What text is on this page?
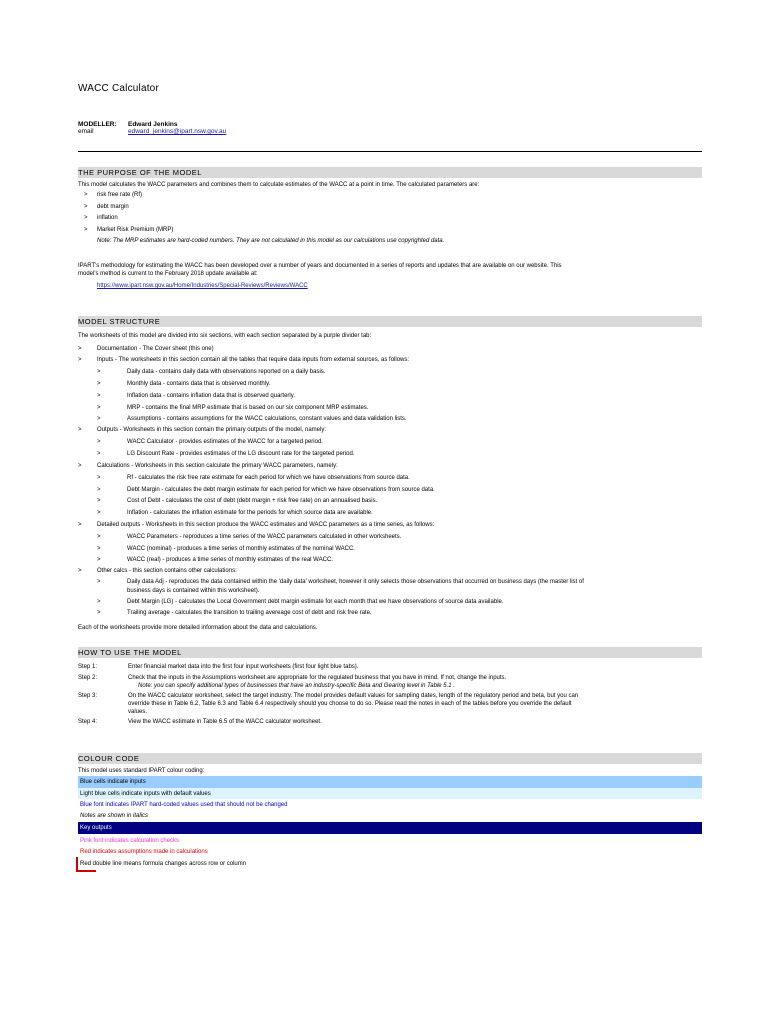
WACC Calculator
MODELLER: Edward Jenkins
email	edward_jenkins@ipart.nsw.gov.au
THE PURPOSE OF THE MODEL
This model calculates the WACC parameters and combines them to calculate estimates of the WACC at a point in time. The calculated parameters are:
> risk free rate (Rf)
> debt margin
> inflation
> Market Risk Premium (MRP)
Note: The MRP estimates are hard-coded numbers. They are not calculated in this model as our calculations use copyrighted data.
IPART's methodology for estimating the WACC has been developed over a number of years and documented in a series of reports and updates that are available on our website. This
model's method is current to the February 2018 update available at:
https://www.ipart.nsw.gov.au/Home/Industries/Special-Reviews/Reviews/WACC
MODEL STRUCTURE
The worksheets of this model are divided into six sections, with each section separated by a purple divider tab:
>	Documentation - The Cover sheet (this one)
>	Inputs - The worksheets in this section contain all the tables that require data inputs from external sources, as follows:
>	Daily data - contains daily data with observations reported on a daily basis.
>	Monthly data - contains data that is observed monthly.
>	Inflation data - contains inflation data that is observed quarterly.
>	MRP - contains the final MRP estimate that is based on our six component MRP estimates.
>	Assumptions - contains assumptions for the WACC calculations, constant values and data validation lists.
>	Outputs - Worksheets in this section contain the primary outputs of the model, namely:
>	WACC Calculator - provides estimates of the WACC for a targeted period.
>	LG Discount Rate - provides estimates of the LG discount rate for the targeted period.
>	Calculations - Worksheets in this section calculate the primary WACC parameters, namely:
>	Rf - calculates the risk free rate estimate for each period for which we have observations from source data.
>	Debt Margin - calculates the debt margin estimate for each period for which we have observations from source data.
>	Cost of Debt - calculates the cost of debt (debt margin + risk free rate) on an annualised basis.
>	Inflation - calculates the inflation estimate for the periods for which source data are available.
>	Detailed outputs - Worksheets in this section produce the WACC estimates and WACC parameters as a time series, as follows:
>	WACC Parameters - reproduces a time series of the WACC parameters calculated in other worksheets.
>	WACC (nominal) - produces a time series of monthly estimates of the nominal WACC.
>	WACC (real) - produces a time series of monthly estimates of the real WACC.
>	Other calcs - this section contains other calculations:
>	Daily data Adj - reproduces the data contained within the 'daily data' worksheet, however it only selects those observations that occurred on business days (the master list of
business days is contained within this worksheet).
>	Debt Margin (LG) - calculates the Local Government debt margin estimate for each month that we have observations of source data available.
>	Trailing average - calculates the transition to trailing avereage cost of debt and risk free rate.
Each of the worksheets provide more detailed information about the data and calculations.
HOW TO USE THE MODEL
Step 1:	Enter financial market data into the first four input worksheets (first four light blue tabs).
Step 2:	Check that the inputs in the Assumptions worksheet are appropriate for the regulated business that you have in mind. If not, change the inputs.
Note: you can specify additional types of businesses that have an industry-specific Beta and Gearing level in Table 5.1 .
Step 3:	On the WACC calculator worksheet, select the target industry. The model provides default values for sampling dates, length of the regulatory period and beta, but you can
override these in Table 6.2, Table 6.3 and Table 6.4 respectively should you choose to do so. Please read the notes in each of the tables before you override the default
values.
Step 4:	View the WACC estimate in Table 6.5 of the WACC calculator worksheet.
COLOUR CODE
This model uses standard IPART colour coding:
Blue cells indicate inputs
Light blue cells indicate inputs with default values
Blue font indicates IPART hard-coded values used that should not be changed
Notes are shown in italics
Key outputs
Pink font indicates calculation checks
Red indicates assumptions made in calculations
Red double line means formula changes across row or column
